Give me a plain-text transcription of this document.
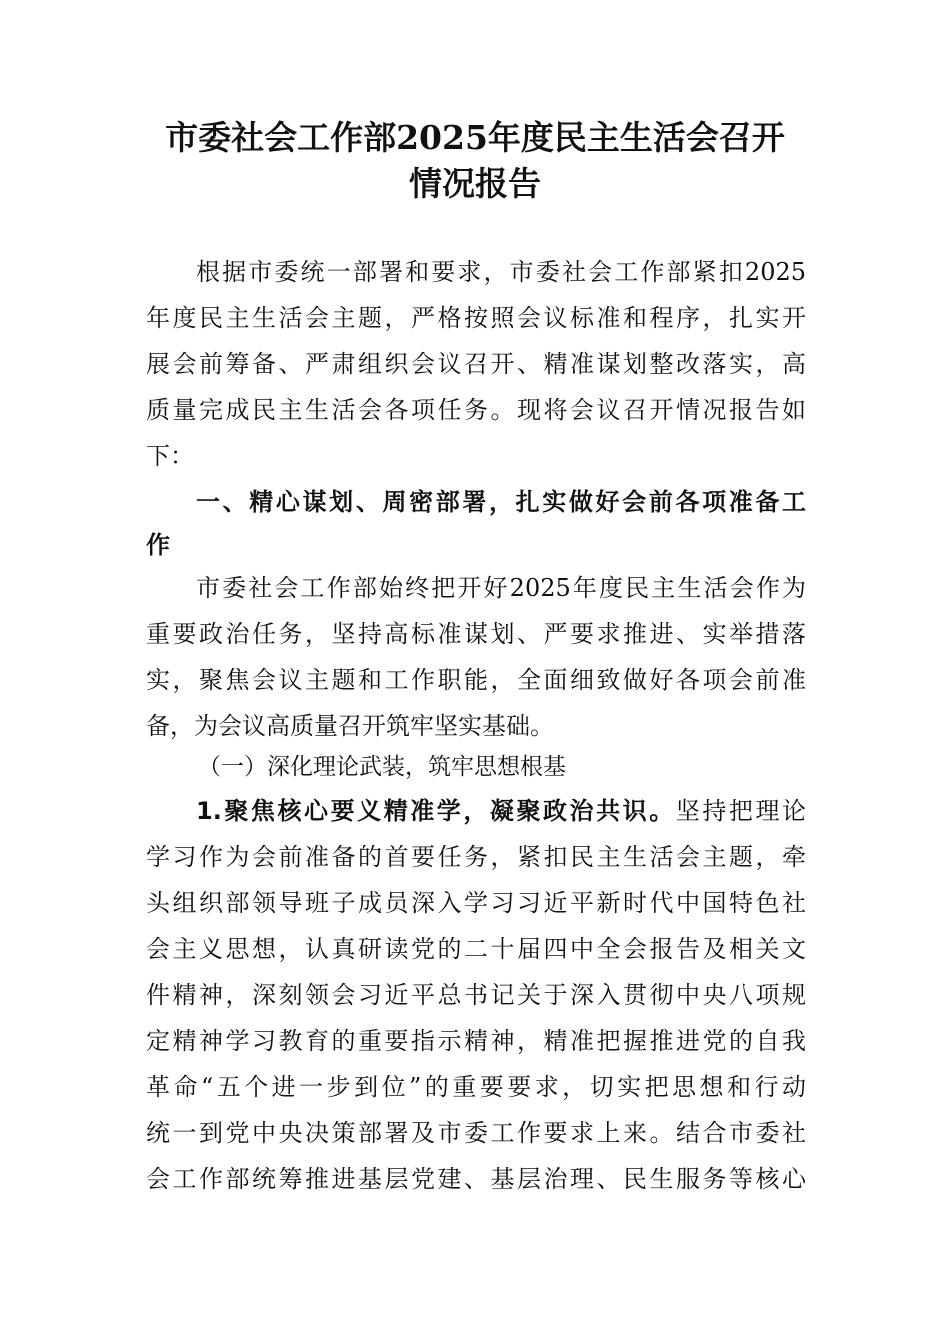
市委社会工作部2025年度民主生活会召开
情况报告
根据市委统一部署和要求，市委社会工作部紧扣2025
年度民主生活会主题，严格按照会议标准和程序，扎实开
展会前筹备、严肃组织会议召开、精准谋划整改落实，高
质量完成民主生活会各项任务。现将会议召开情况报告如
下：
一、精心谋划、周密部署，扎实做好会前各项准备工
作
市委社会工作部始终把开好2025年度民主生活会作为
重要政治任务，坚持高标准谋划、严要求推进、实举措落
实，聚焦会议主题和工作职能，全面细致做好各项会前准
备，为会议高质量召开筑牢坚实基础。
（一）深化理论武装，筑牢思想根基
1.聚焦核心要义精准学，凝聚政治共识。坚持把理论
学习作为会前准备的首要任务，紧扣民主生活会主题，牵
头组织部领导班子成员深入学习习近平新时代中国特色社
会主义思想，认真研读党的二十届四中全会报告及相关文
件精神，深刻领会习近平总书记关于深入贯彻中央八项规
定精神学习教育的重要指示精神，精准把握推进党的自我
革命“五个进一步到位”的重要要求，切实把思想和行动
统一到党中央决策部署及市委工作要求上来。结合市委社
会工作部统筹推进基层党建、基层治理、民生服务等核心
